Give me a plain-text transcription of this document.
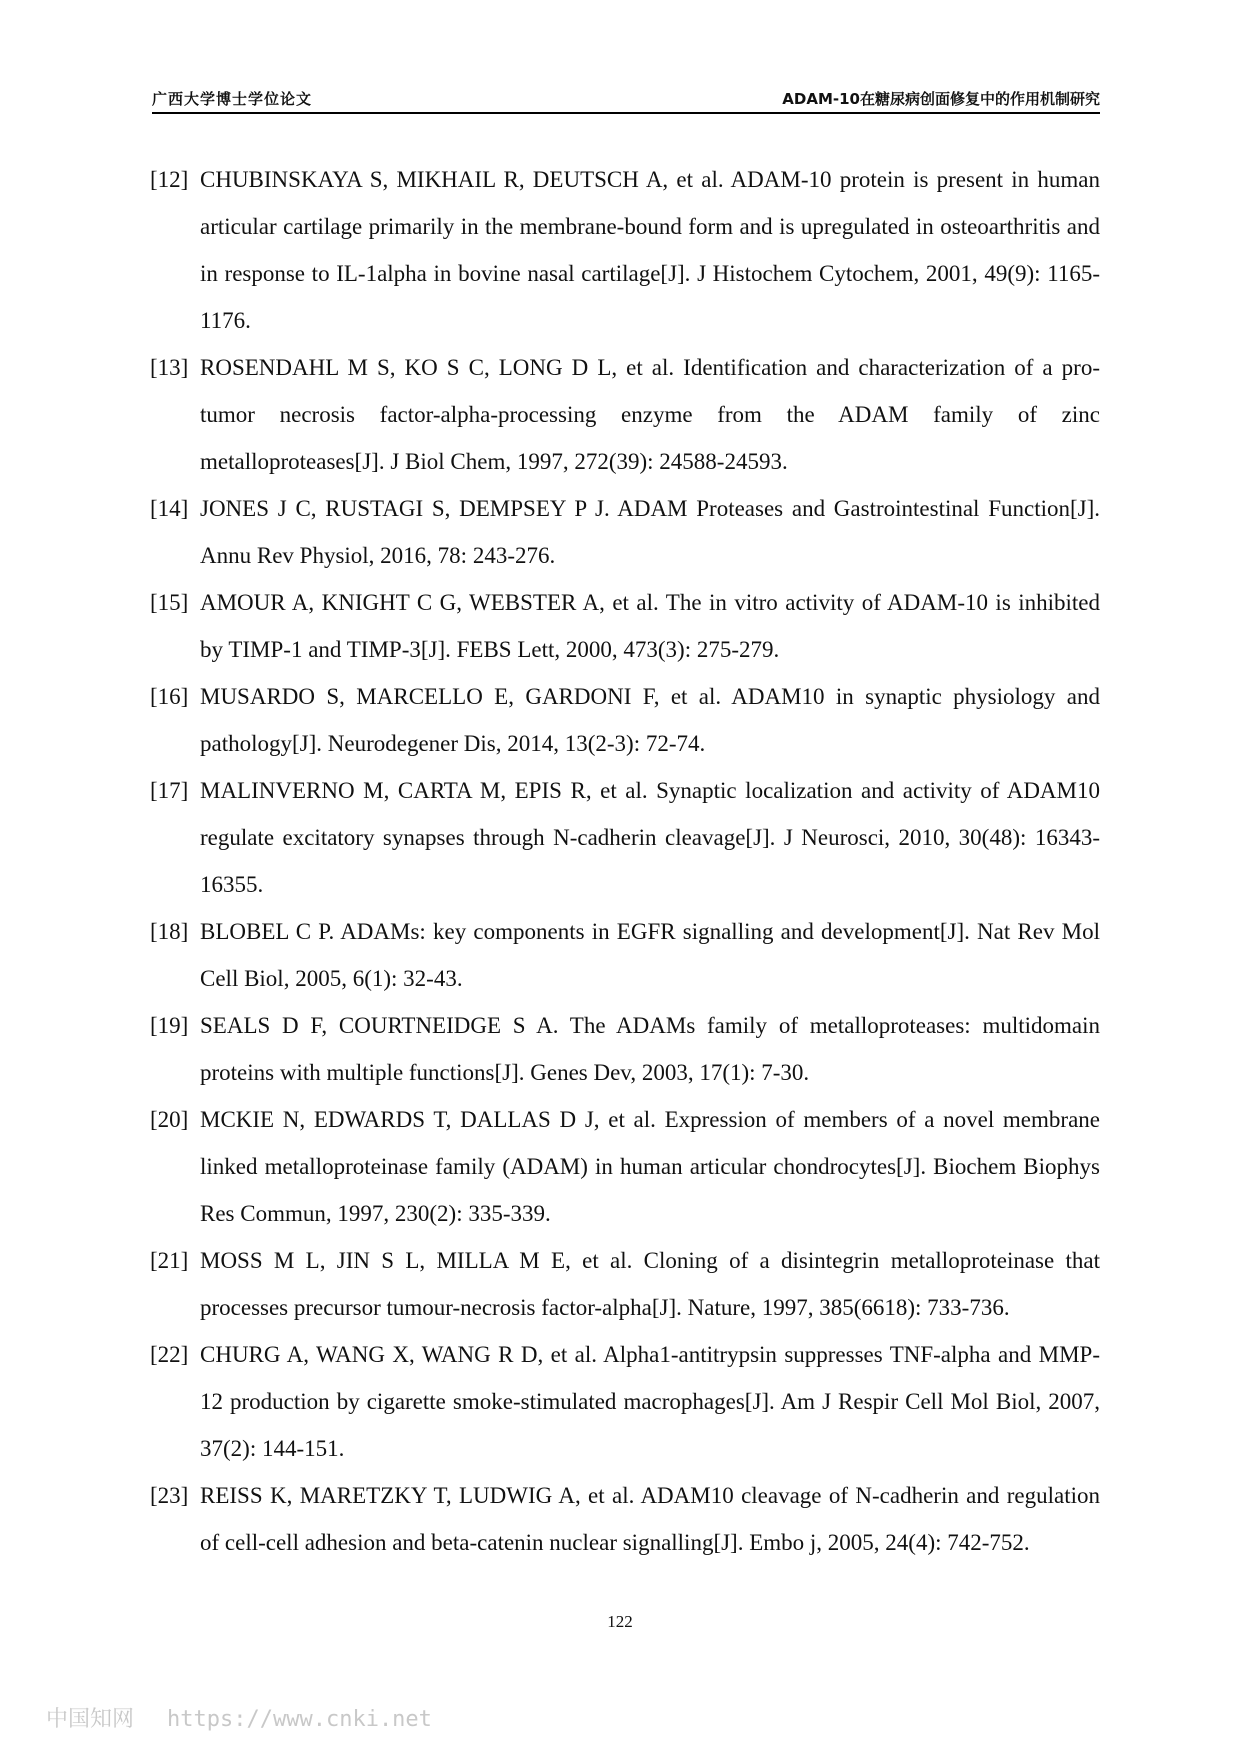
广西大学博士学位论文	ADAM-10在糖尿病创面修复中的作用机制研究
[12] CHUBINSKAYA S, MIKHAIL R, DEUTSCH A, et al. ADAM-10 protein is present in human articular cartilage primarily in the membrane-bound form and is upregulated in osteoarthritis and in response to IL-1alpha in bovine nasal cartilage[J]. J Histochem Cytochem, 2001, 49(9): 1165-1176.
[13] ROSENDAHL M S, KO S C, LONG D L, et al. Identification and characterization of a pro-tumor necrosis factor-alpha-processing enzyme from the ADAM family of zinc metalloproteases[J]. J Biol Chem, 1997, 272(39): 24588-24593.
[14] JONES J C, RUSTAGI S, DEMPSEY P J. ADAM Proteases and Gastrointestinal Function[J]. Annu Rev Physiol, 2016, 78: 243-276.
[15] AMOUR A, KNIGHT C G, WEBSTER A, et al. The in vitro activity of ADAM-10 is inhibited by TIMP-1 and TIMP-3[J]. FEBS Lett, 2000, 473(3): 275-279.
[16] MUSARDO S, MARCELLO E, GARDONI F, et al. ADAM10 in synaptic physiology and pathology[J]. Neurodegener Dis, 2014, 13(2-3): 72-74.
[17] MALINVERNO M, CARTA M, EPIS R, et al. Synaptic localization and activity of ADAM10 regulate excitatory synapses through N-cadherin cleavage[J]. J Neurosci, 2010, 30(48): 16343-16355.
[18] BLOBEL C P. ADAMs: key components in EGFR signalling and development[J]. Nat Rev Mol Cell Biol, 2005, 6(1): 32-43.
[19] SEALS D F, COURTNEIDGE S A. The ADAMs family of metalloproteases: multidomain proteins with multiple functions[J]. Genes Dev, 2003, 17(1): 7-30.
[20] MCKIE N, EDWARDS T, DALLAS D J, et al. Expression of members of a novel membrane linked metalloproteinase family (ADAM) in human articular chondrocytes[J]. Biochem Biophys Res Commun, 1997, 230(2): 335-339.
[21] MOSS M L, JIN S L, MILLA M E, et al. Cloning of a disintegrin metalloproteinase that processes precursor tumour-necrosis factor-alpha[J]. Nature, 1997, 385(6618): 733-736.
[22] CHURG A, WANG X, WANG R D, et al. Alpha1-antitrypsin suppresses TNF-alpha and MMP-12 production by cigarette smoke-stimulated macrophages[J]. Am J Respir Cell Mol Biol, 2007, 37(2): 144-151.
[23] REISS K, MARETZKY T, LUDWIG A, et al. ADAM10 cleavage of N-cadherin and regulation of cell-cell adhesion and beta-catenin nuclear signalling[J]. Embo j, 2005, 24(4): 742-752.
122
中国知网 https://www.cnki.net
